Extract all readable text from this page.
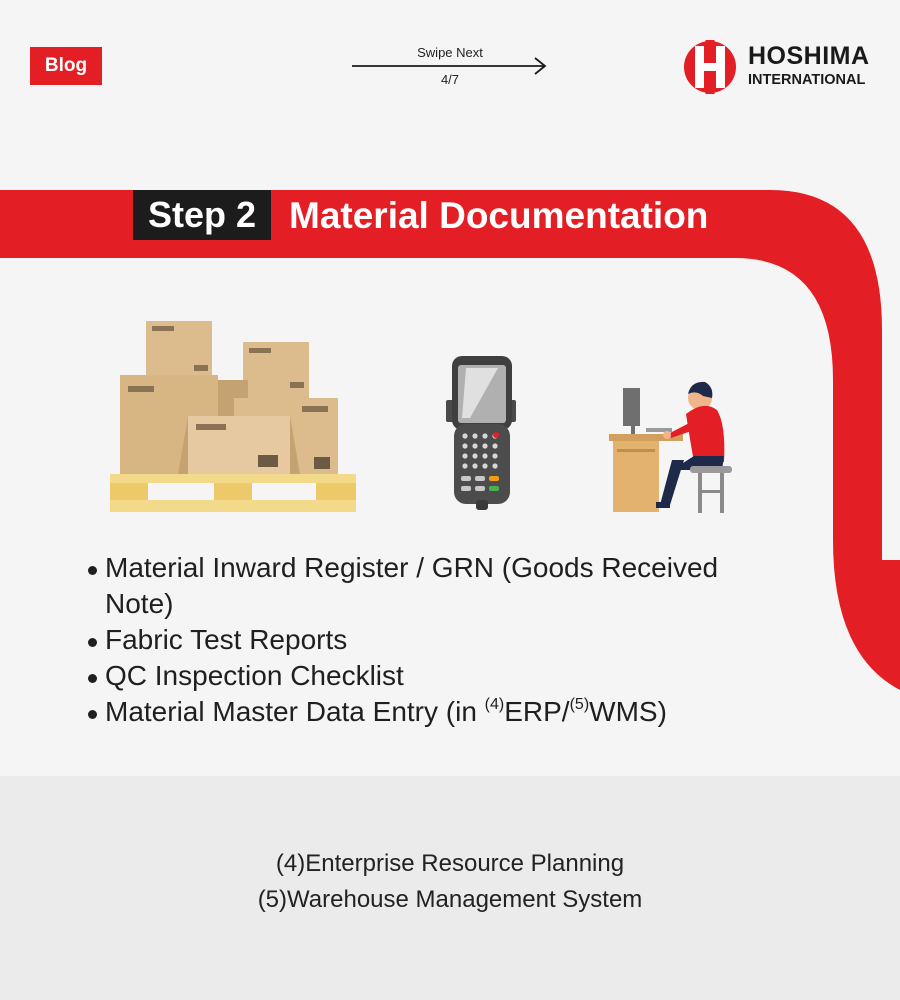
Blog
Swipe Next
4/7
HOSHIMA
INTERNATIONAL
Step 2 Material Documentation
Material Inward Register / GRN (Goods Received Note)
Fabric Test Reports
QC Inspection Checklist
Material Master Data Entry (in $^{(4)}$ERP/$^{(5)}$WMS)
(4)Enterprise Resource Planning
(5)Warehouse Management System
